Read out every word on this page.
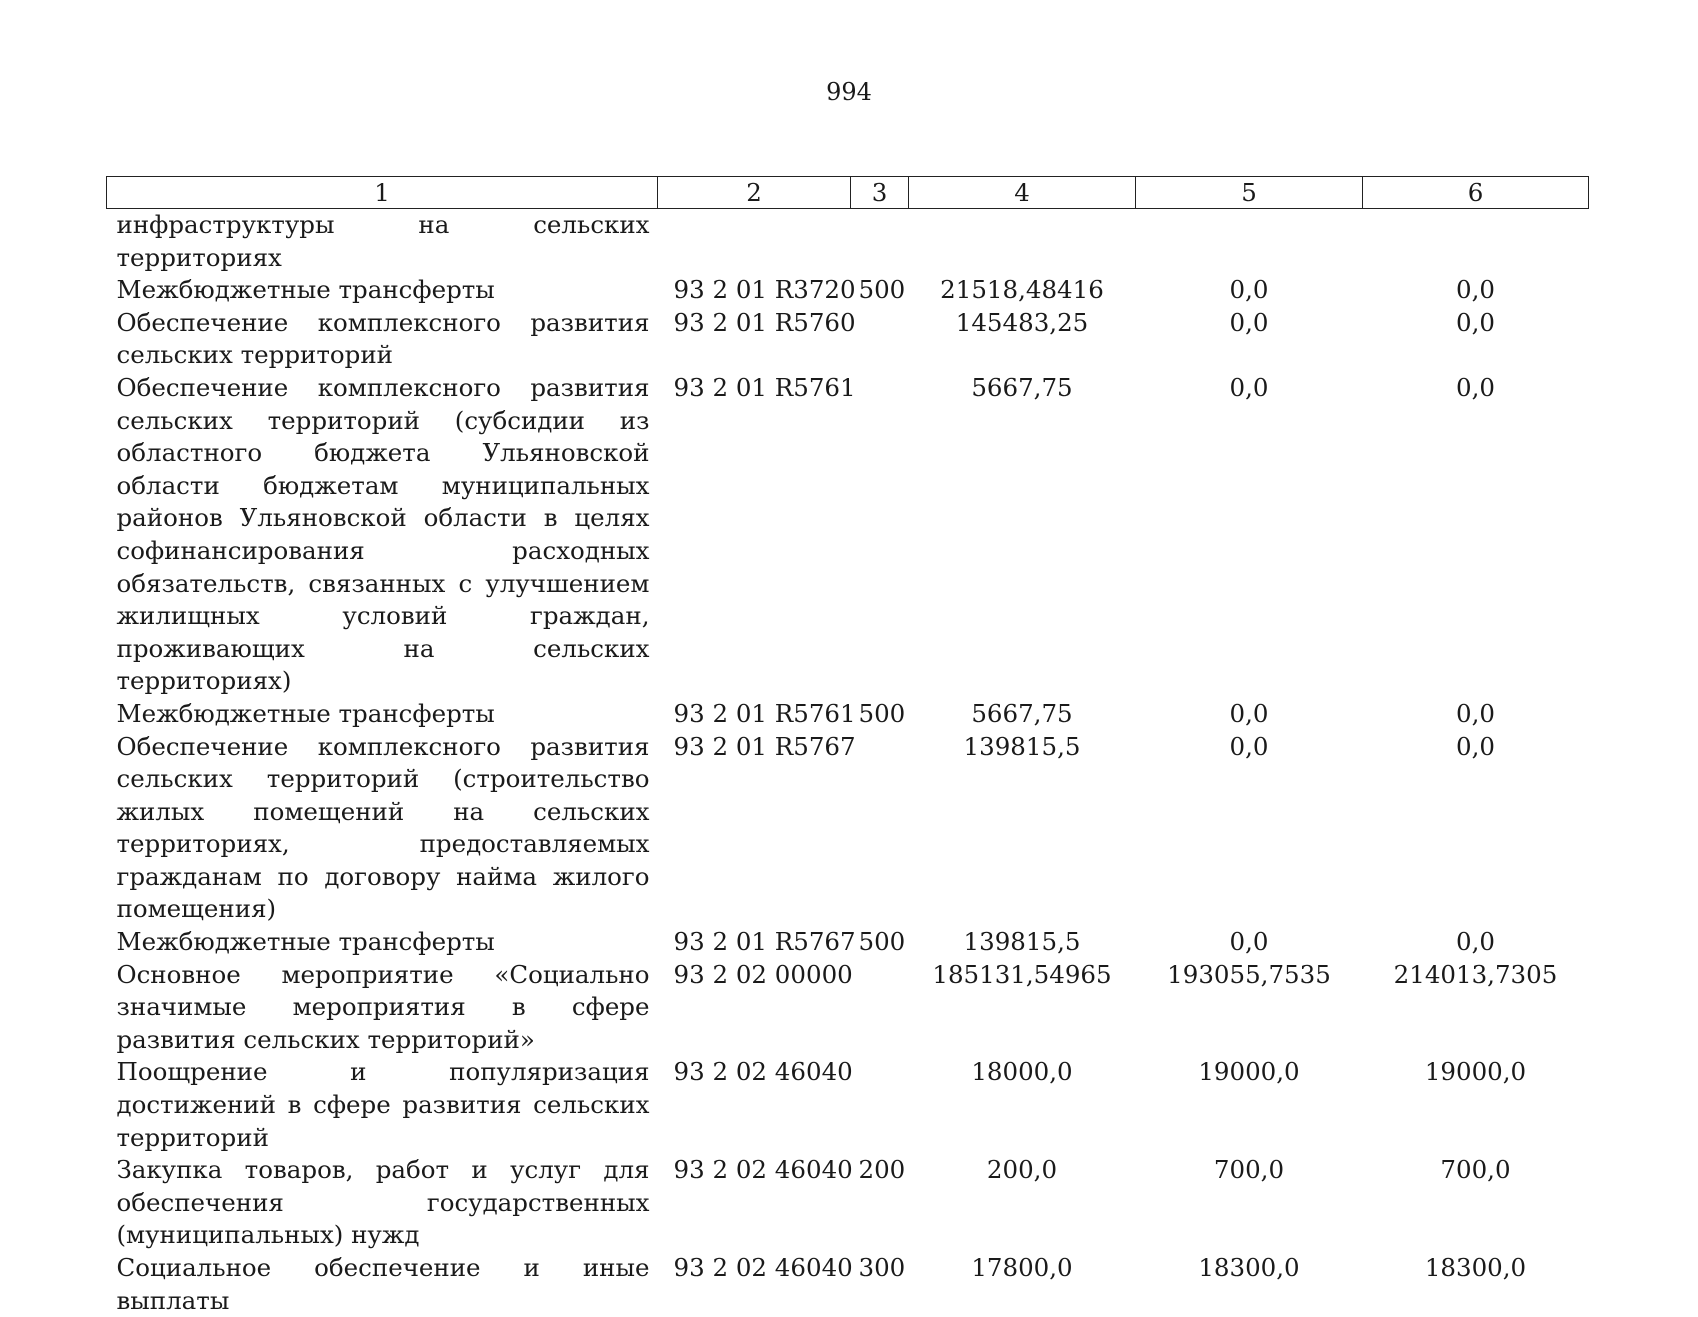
994
1	2	3	4	5	6
инфраструктуры на сельских территориях					
Межбюджетные трансферты	93 2 01 R3720	500	21518,48416	0,0	0,0
Обеспечение комплексного развития сельских территорий	93 2 01 R5760		145483,25	0,0	0,0
Обеспечение комплексного развития сельских территорий (субсидии из областного бюджета Ульяновской области бюджетам муниципальных районов Ульяновской области в целях софинансирования расходных обязательств, связанных с улучшением жилищных условий граждан, проживающих на сельских территориях)	93 2 01 R5761		5667,75	0,0	0,0
Межбюджетные трансферты	93 2 01 R5761	500	5667,75	0,0	0,0
Обеспечение комплексного развития сельских территорий (строительство жилых помещений на сельских территориях, предоставляемых гражданам по договору найма жилого помещения)	93 2 01 R5767		139815,5	0,0	0,0
Межбюджетные трансферты	93 2 01 R5767	500	139815,5	0,0	0,0
Основное мероприятие «Социально значимые мероприятия в сфере развития сельских территорий»	93 2 02 00000		185131,54965	193055,7535	214013,7305
Поощрение и популяризация достижений в сфере развития сельских территорий	93 2 02 46040		18000,0	19000,0	19000,0
Закупка товаров, работ и услуг для обеспечения государственных (муниципальных) нужд	93 2 02 46040	200	200,0	700,0	700,0
Социальное обеспечение и иные выплаты	93 2 02 46040	300	17800,0	18300,0	18300,0
